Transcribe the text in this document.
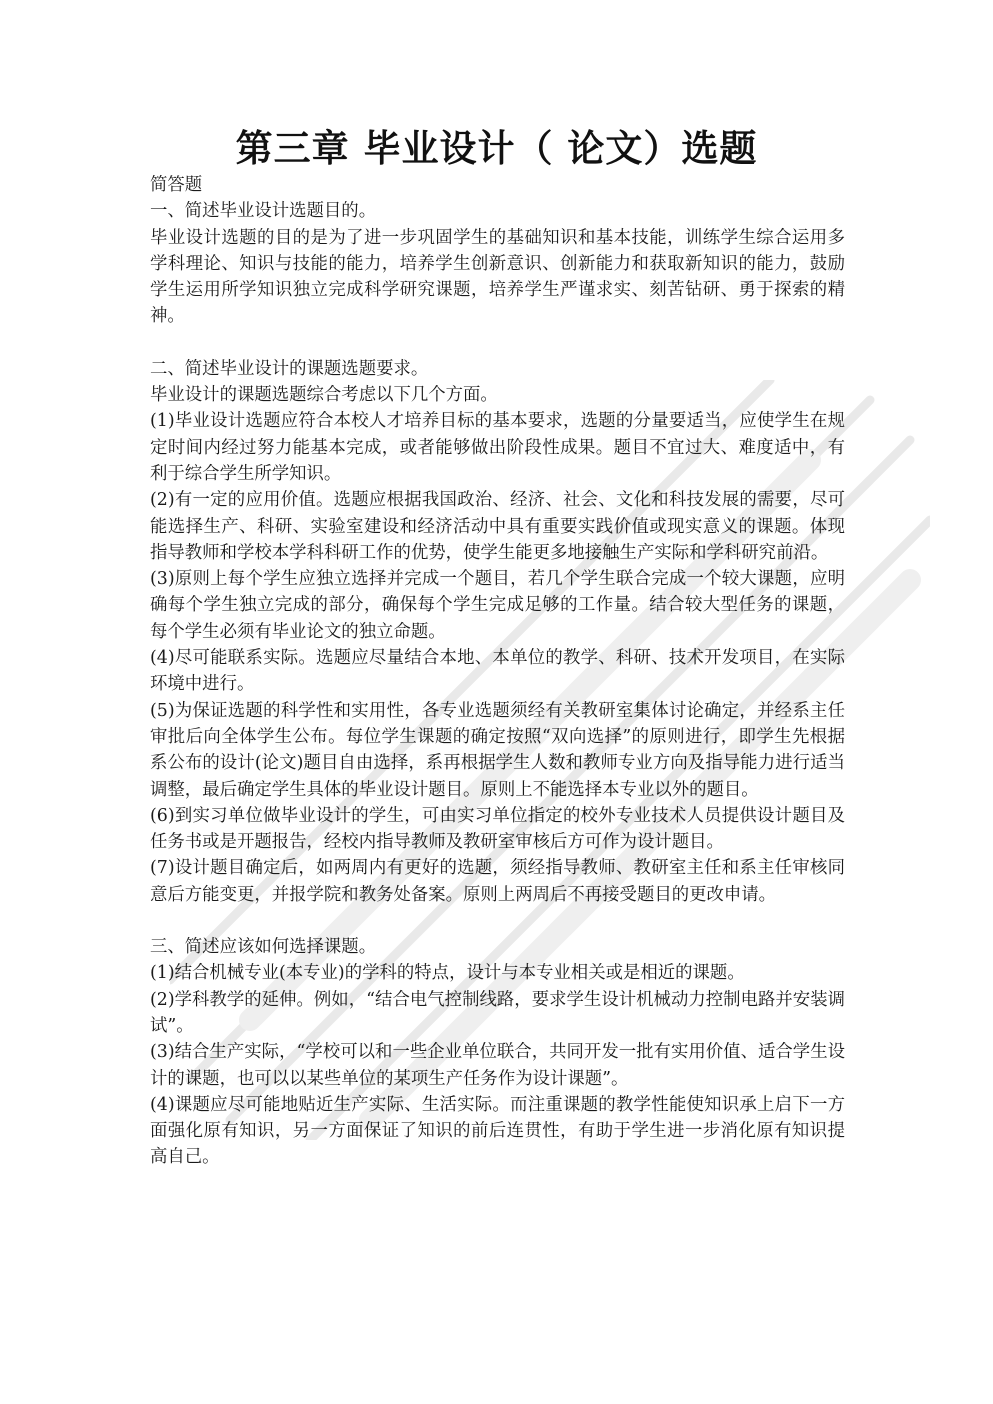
第三章 毕业设计（ 论文）选题

简答题

一、简述毕业设计选题目的。

毕业设计选题的目的是为了进一步巩固学生的基础知识和基本技能，训练学生综合运用多学科理论、知识与技能的能力，培养学生创新意识、创新能力和获取新知识的能力，鼓励学生运用所学知识独立完成科学研究课题，培养学生严谨求实、刻苦钻研、勇于探索的精神。

二、简述毕业设计的课题选题要求。

毕业设计的课题选题综合考虑以下几个方面。

(1)毕业设计选题应符合本校人才培养目标的基本要求，选题的分量要适当，应使学生在规定时间内经过努力能基本完成，或者能够做出阶段性成果。题目不宜过大、难度适中，有利于综合学生所学知识。

(2)有一定的应用价值。选题应根据我国政治、经济、社会、文化和科技发展的需要，尽可能选择生产、科研、实验室建设和经济活动中具有重要实践价值或现实意义的课题。体现指导教师和学校本学科科研工作的优势，使学生能更多地接触生产实际和学科研究前沿。

(3)原则上每个学生应独立选择并完成一个题目，若几个学生联合完成一个较大课题，应明确每个学生独立完成的部分，确保每个学生完成足够的工作量。结合较大型任务的课题，每个学生必须有毕业论文的独立命题。

(4)尽可能联系实际。选题应尽量结合本地、本单位的教学、科研、技术开发项目，在实际环境中进行。

(5)为保证选题的科学性和实用性，各专业选题须经有关教研室集体讨论确定，并经系主任审批后向全体学生公布。每位学生课题的确定按照“双向选择”的原则进行，即学生先根据系公布的设计(论文)题目自由选择，系再根据学生人数和教师专业方向及指导能力进行适当调整，最后确定学生具体的毕业设计题目。原则上不能选择本专业以外的题目。

(6)到实习单位做毕业设计的学生，可由实习单位指定的校外专业技术人员提供设计题目及任务书或是开题报告，经校内指导教师及教研室审核后方可作为设计题目。

(7)设计题目确定后，如两周内有更好的选题，须经指导教师、教研室主任和系主任审核同意后方能变更，并报学院和教务处备案。原则上两周后不再接受题目的更改申请。

三、简述应该如何选择课题。

(1)结合机械专业(本专业)的学科的特点，设计与本专业相关或是相近的课题。

(2)学科教学的延伸。例如，“结合电气控制线路，要求学生设计机械动力控制电路并安装调试”。

(3)结合生产实际，“学校可以和一些企业单位联合，共同开发一批有实用价值、适合学生设计的课题，也可以以某些单位的某项生产任务作为设计课题”。

(4)课题应尽可能地贴近生产实际、生活实际。而注重课题的教学性能使知识承上启下一方面强化原有知识，另一方面保证了知识的前后连贯性，有助于学生进一步消化原有知识提高自己。
